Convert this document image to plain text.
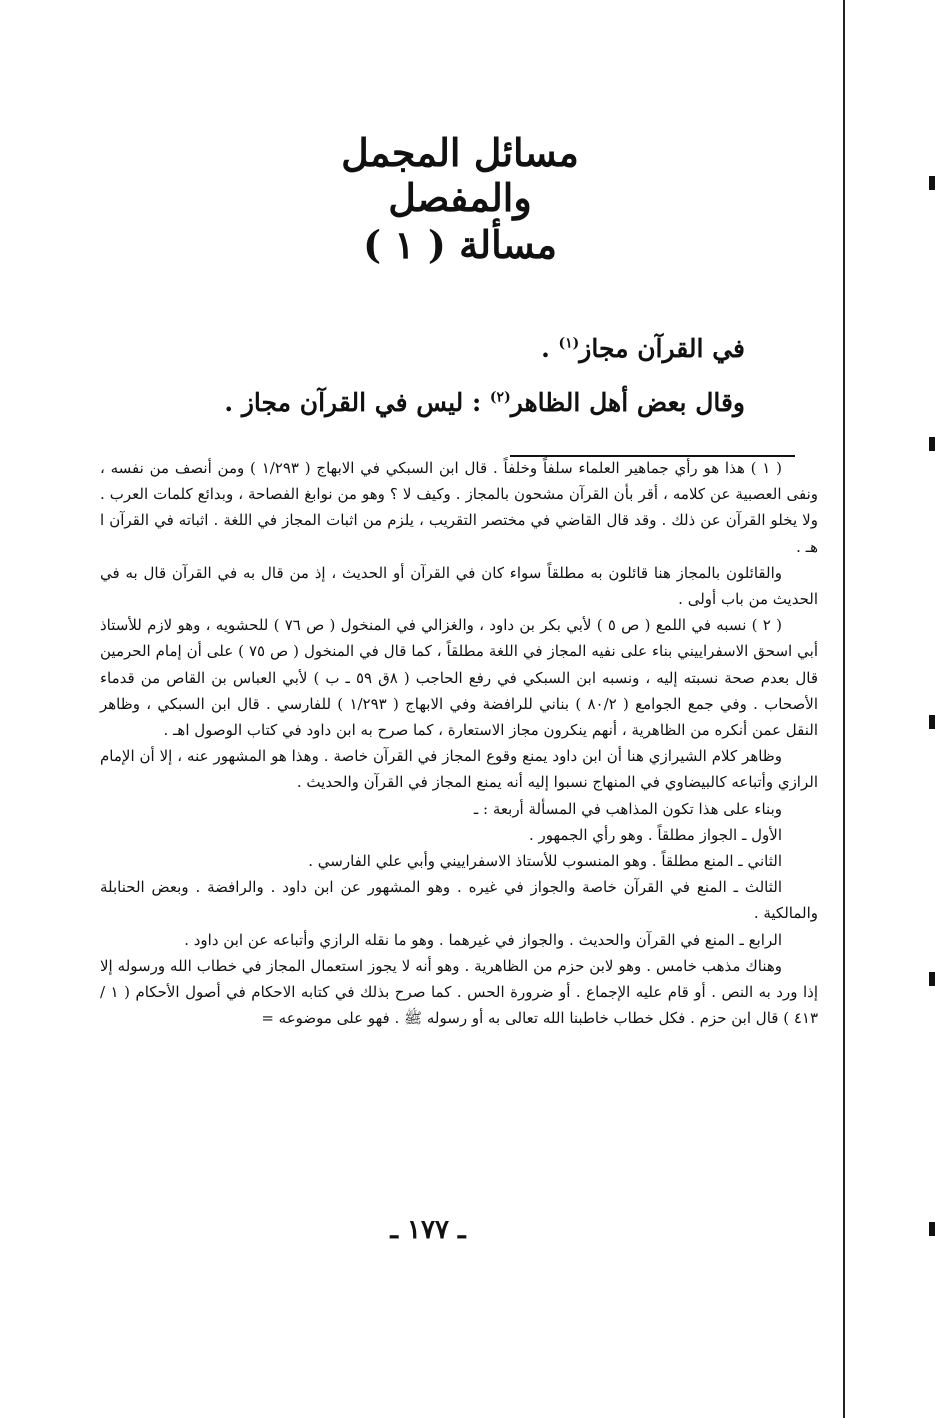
مسائل المجمل والمفصل
مسألة ( ١ )
في القرآن مجاز$^{(١)}$ .
وقال بعض أهل الظاهر$^{(٢)}$ : ليس في القرآن مجاز .

( ١ ) هذا هو رأي جماهير العلماء سلفاً وخلفاً . قال ابن السبكي في الابهاج ( ١/٢٩٣ ) ومن أنصف من نفسه ، ونفى العصبية عن كلامه ، أقر بأن القرآن مشحون بالمجاز . وكيف لا ؟ وهو من نوابغ الفصاحة ، وبدائع كلمات العرب . ولا يخلو القرآن عن ذلك . وقد قال القاضي في مختصر التقريب ، يلزم من اثبات المجاز في اللغة . اثباته في القرآن ا هـ .

والقائلون بالمجاز هنا قائلون به مطلقاً سواء كان في القرآن أو الحديث ، إذ من قال به في القرآن قال به في الحديث من باب أولى .

( ٢ ) نسبه في اللمع ( ص ٥ ) لأبي بكر بن داود ، والغزالي في المنخول ( ص ٧٦ ) للحشويه ، وهو لازم للأستاذ أبي اسحق الاسفراييني بناء على نفيه المجاز في اللغة مطلقاً ، كما قال في المنخول ( ص ٧٥ ) على أن إمام الحرمين قال بعدم صحة نسبته إليه ، ونسبه ابن السبكي في رفع الحاجب ( ٨ق ٥٩ ـ ب ) لأبي العباس بن القاص من قدماء الأصحاب . وفي جمع الجوامع ( ٨٠/٢ ) بناني للرافضة وفي الابهاج ( ١/٢٩٣ ) للفارسي . قال ابن السبكي ، وظاهر النقل عمن أنكره من الظاهرية ، أنهم ينكرون مجاز الاستعارة ، كما صرح به ابن داود في كتاب الوصول اهـ .

وظاهر كلام الشيرازي هنا أن ابن داود يمنع وقوع المجاز في القرآن خاصة . وهذا هو المشهور عنه ، إلا أن الإمام الرازي وأتباعه كالبيضاوي في المنهاج نسبوا إليه أنه يمنع المجاز في القرآن والحديث .

وبناء على هذا تكون المذاهب في المسألة أربعة : ـ

الأول ـ الجواز مطلقاً . وهو رأي الجمهور .

الثاني ـ المنع مطلقاً . وهو المنسوب للأستاذ الاسفراييني وأبي علي الفارسي .

الثالث ـ المنع في القرآن خاصة والجواز في غيره . وهو المشهور عن ابن داود . والرافضة . وبعض الحنابلة والمالكية .

الرابع ـ المنع في القرآن والحديث . والجواز في غيرهما . وهو ما نقله الرازي وأتباعه عن ابن داود .

وهناك مذهب خامس . وهو لابن حزم من الظاهرية . وهو أنه لا يجوز استعمال المجاز في خطاب الله ورسوله إلا إذا ورد به النص . أو قام عليه الإجماع . أو ضرورة الحس . كما صرح بذلك في كتابه الاحكام في أصول الأحكام ( ١ / ٤١٣ ) قال ابن حزم . فكل خطاب خاطبنا الله تعالى به أو رسوله ﷺ . فهو على موضوعه =

ـ ١٧٧ ـ
